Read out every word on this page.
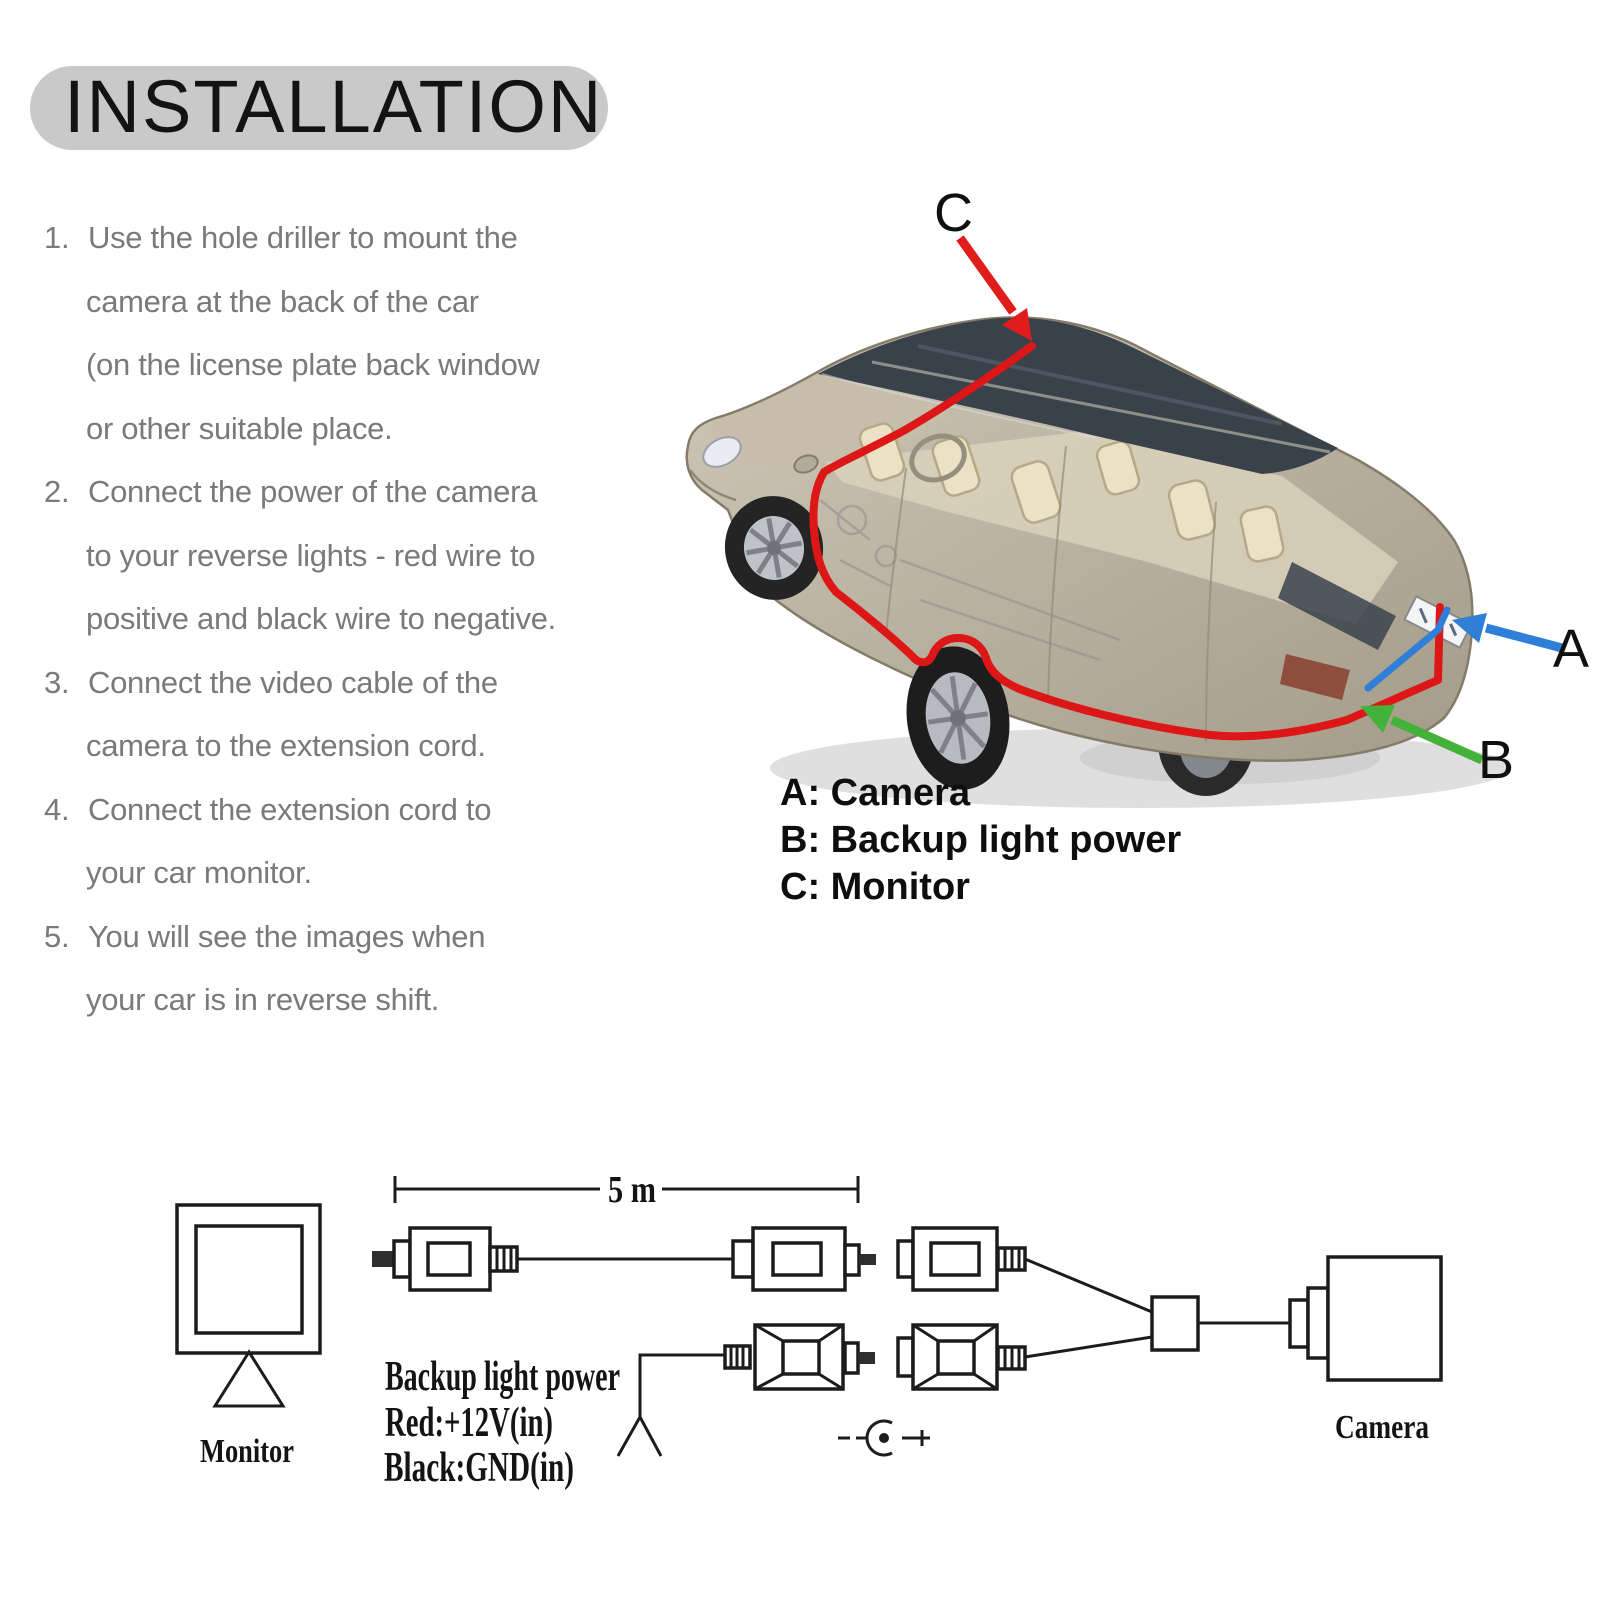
INSTALLATION
1. Use the hole driller to mount the
camera at the back of the car
(on the license plate back window
or other suitable place.
2. Connect the power of the camera
to your reverse lights - red wire to
positive and black wire to negative.
3. Connect the video cable of the
camera to the extension cord.
4. Connect the extension cord to
your car monitor.
5. You will see the images when
your car is in reverse shift.
C
A
B
A: Camera
B: Backup light power
C: Monitor
Monitor
5 m
Camera
Backup light power
Red:+12V(in)
Black:GND(in)
